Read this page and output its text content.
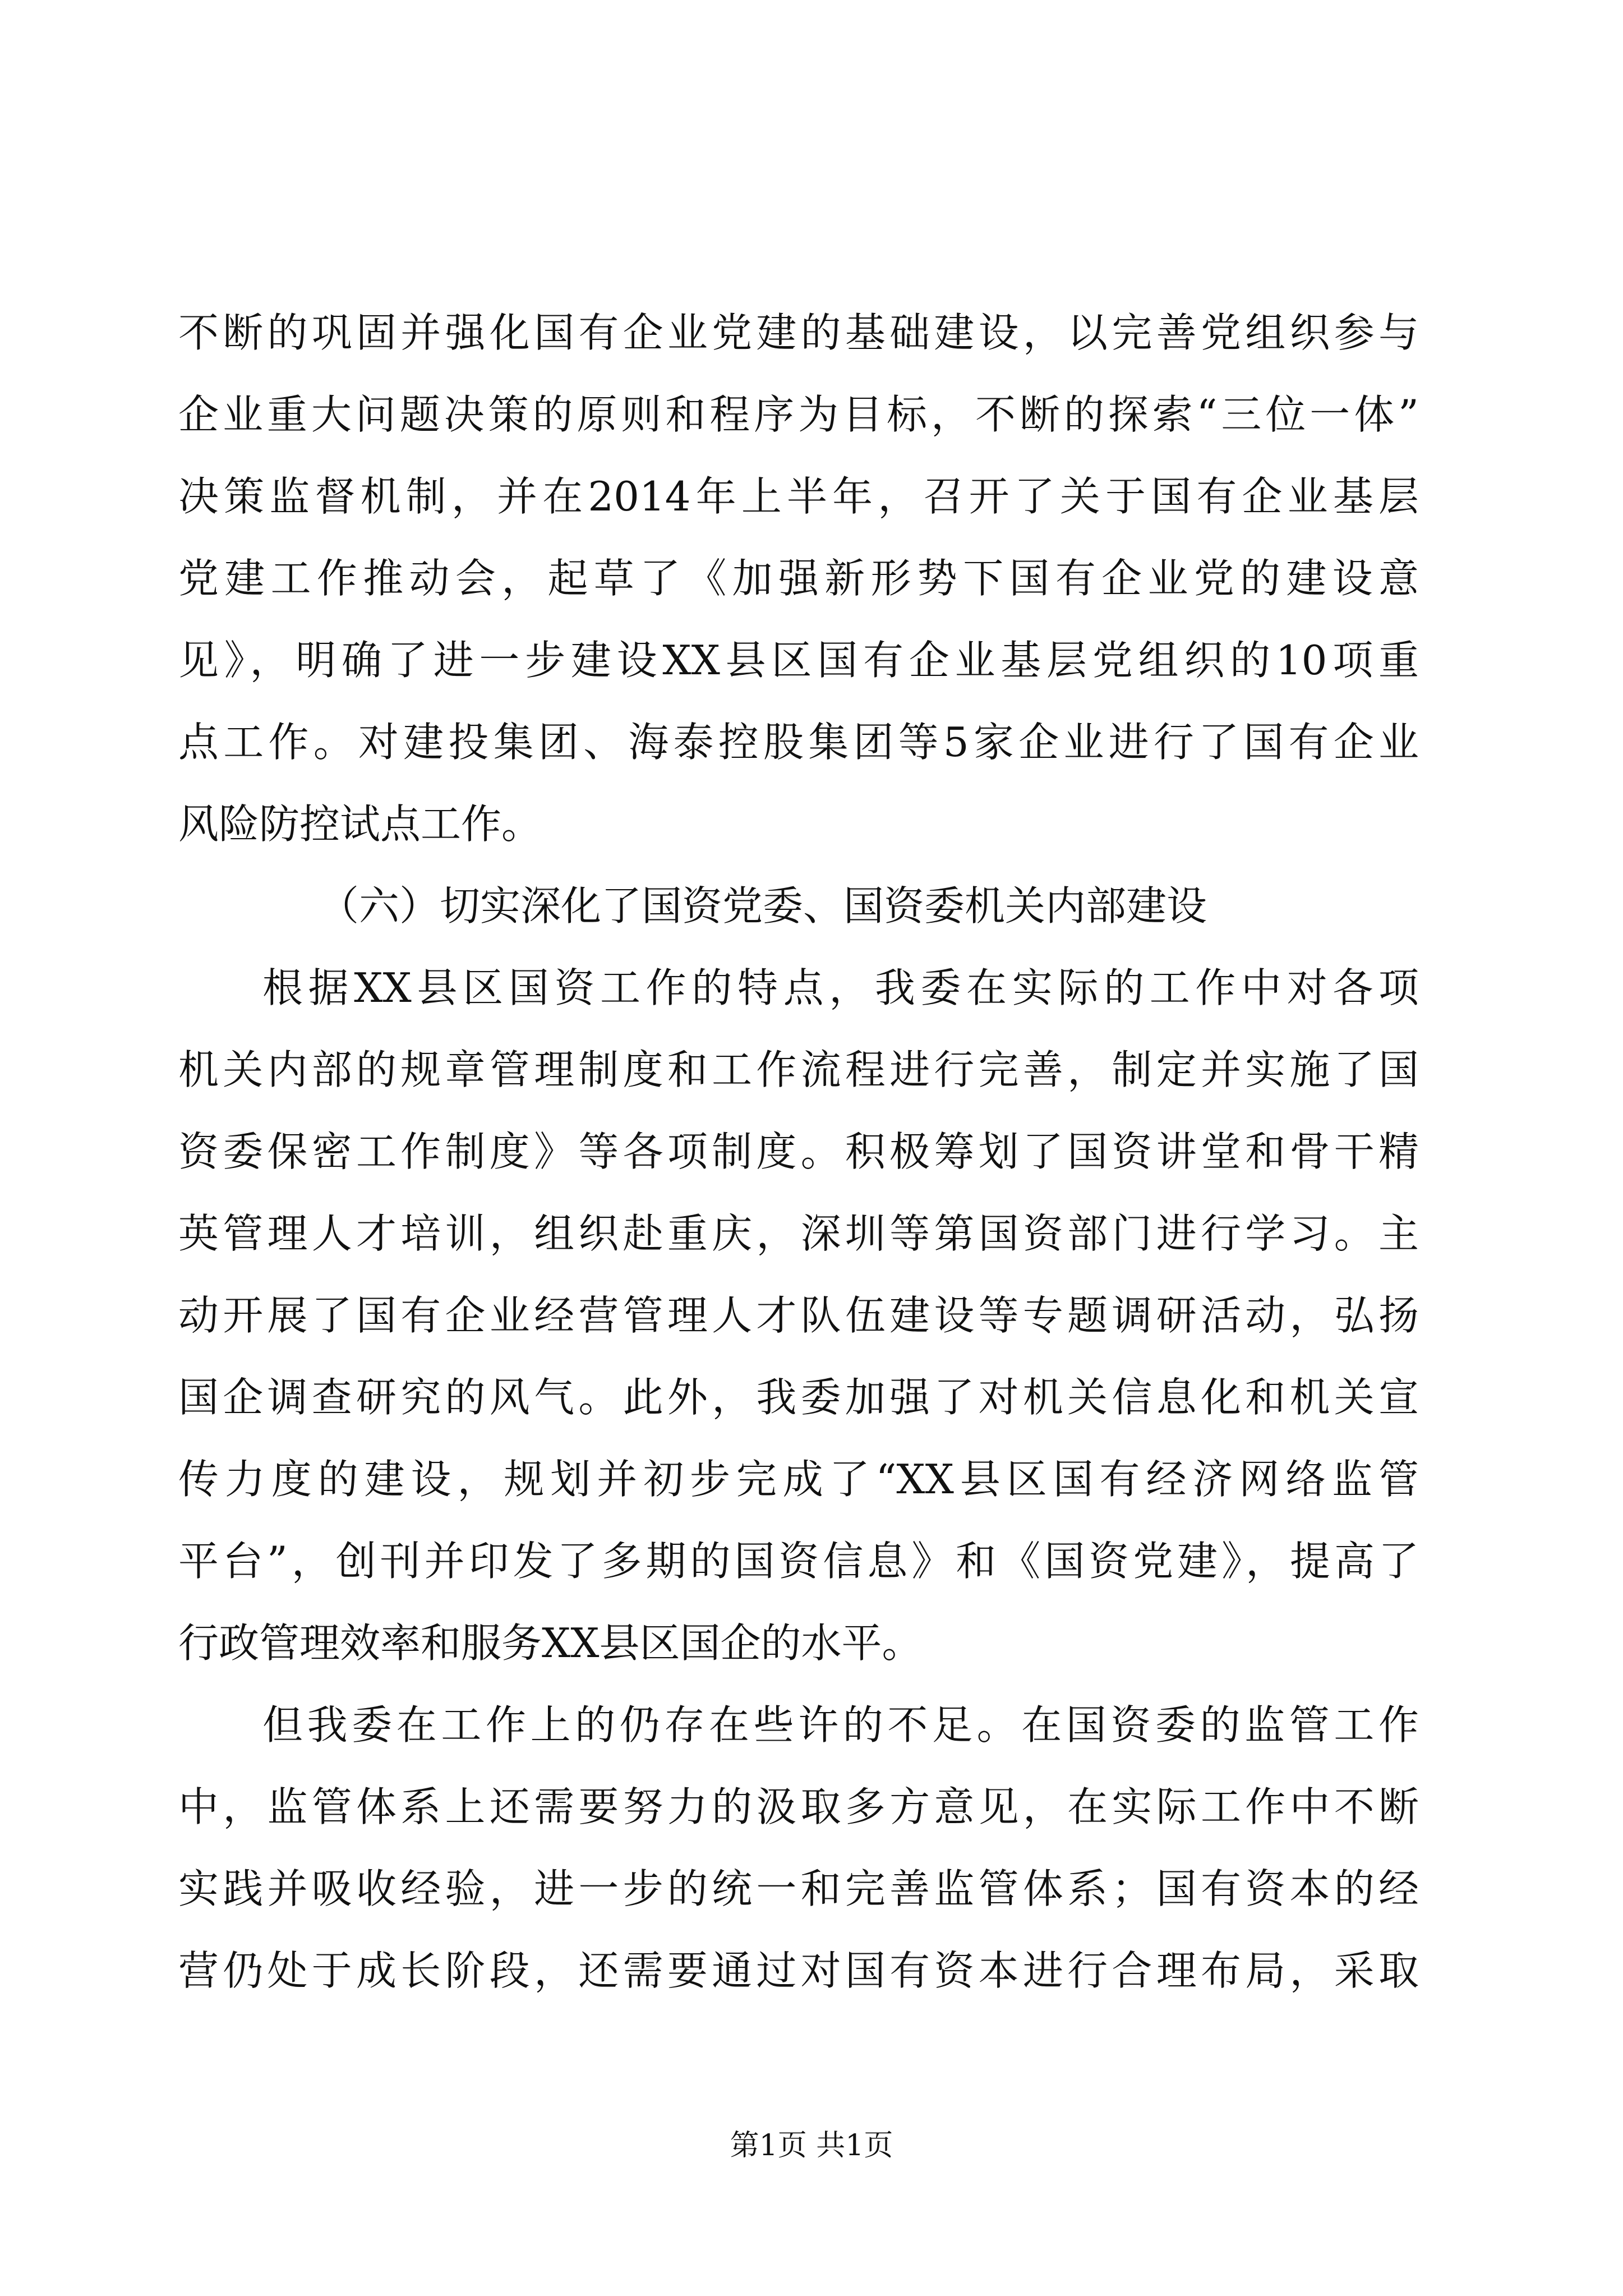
不断的巩固并强化国有企业党建的基础建设，以完善党组织参与
企业重大问题决策的原则和程序为目标，不断的探索“三位一体”
决策监督机制，并在2014年上半年，召开了关于国有企业基层
党建工作推动会，起草了《加强新形势下国有企业党的建设意
见》，明确了进一步建设XX县区国有企业基层党组织的10项重
点工作。对建投集团、海泰控股集团等5家企业进行了国有企业
风险防控试点工作。
（六）切实深化了国资党委、国资委机关内部建设
根据XX县区国资工作的特点，我委在实际的工作中对各项
机关内部的规章管理制度和工作流程进行完善，制定并实施了国
资委保密工作制度》等各项制度。积极筹划了国资讲堂和骨干精
英管理人才培训，组织赴重庆，深圳等第国资部门进行学习。主
动开展了国有企业经营管理人才队伍建设等专题调研活动，弘扬
国企调查研究的风气。此外，我委加强了对机关信息化和机关宣
传力度的建设，规划并初步完成了“XX县区国有经济网络监管
平台”，创刊并印发了多期的国资信息》和《国资党建》，提高了
行政管理效率和服务XX县区国企的水平。
但我委在工作上的仍存在些许的不足。在国资委的监管工作
中，监管体系上还需要努力的汲取多方意见，在实际工作中不断
实践并吸收经验，进一步的统一和完善监管体系；国有资本的经
营仍处于成长阶段，还需要通过对国有资本进行合理布局，采取
第1页 共1页
